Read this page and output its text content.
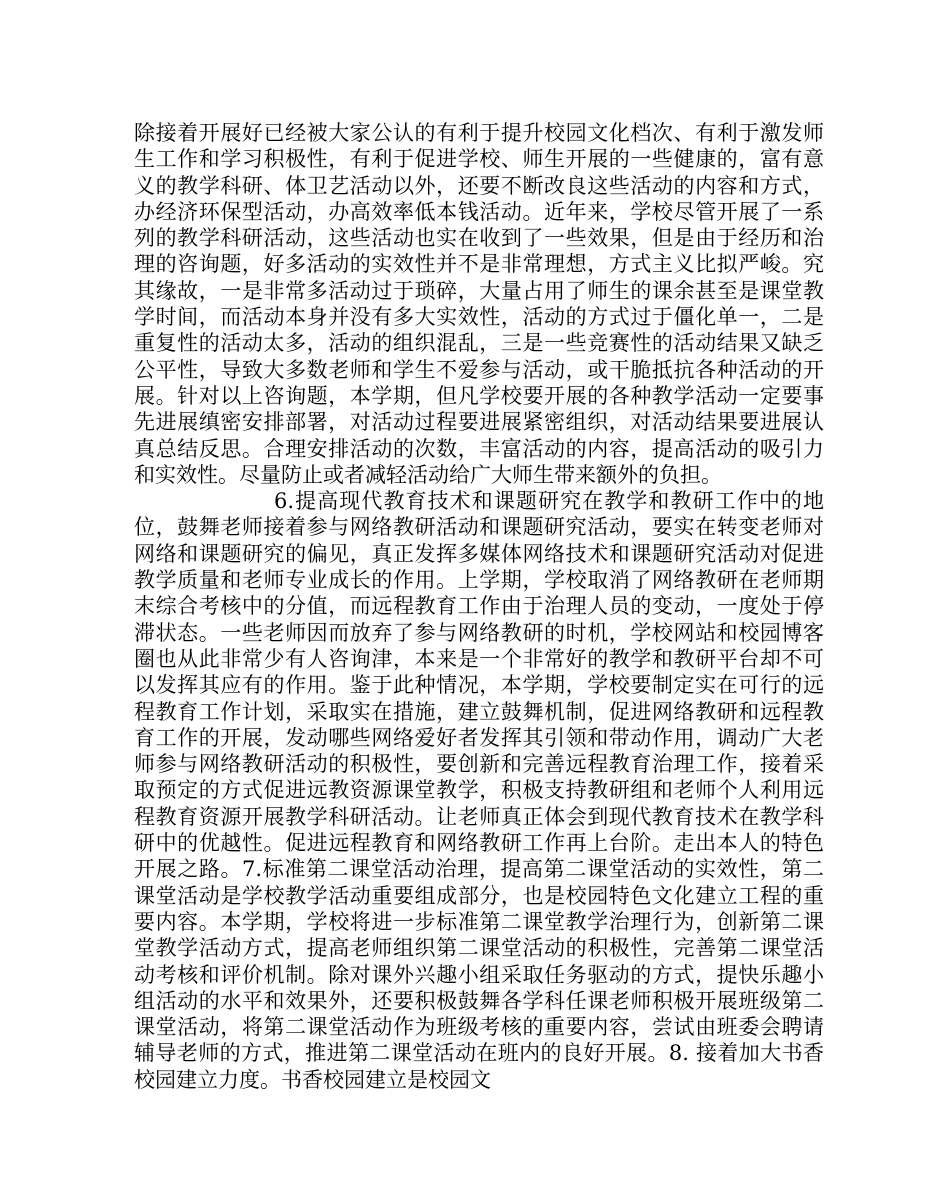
除接着开展好已经被大家公认的有利于提升校园文化档次、有利于激发师生工作和学习积极性，有利于促进学校、师生开展的一些健康的，富有意义的教学科研、体卫艺活动以外，还要不断改良这些活动的内容和方式，办经济环保型活动，办高效率低本钱活动。近年来，学校尽管开展了一系列的教学科研活动，这些活动也实在收到了一些效果，但是由于经历和治理的咨询题，好多活动的实效性并不是非常理想，方式主义比拟严峻。究其缘故，一是非常多活动过于琐碎，大量占用了师生的课余甚至是课堂教学时间，而活动本身并没有多大实效性，活动的方式过于僵化单一，二是重复性的活动太多，活动的组织混乱，三是一些竞赛性的活动结果又缺乏公平性，导致大多数老师和学生不爱参与活动，或干脆抵抗各种活动的开展。针对以上咨询题，本学期，但凡学校要开展的各种教学活动一定要事先进展缜密安排部署，对活动过程要进展紧密组织，对活动结果要进展认真总结反思。合理安排活动的次数，丰富活动的内容，提高活动的吸引力和实效性。尽量防止或者减轻活动给广大师生带来额外的负担。

6.提高现代教育技术和课题研究在教学和教研工作中的地位，鼓舞老师接着参与网络教研活动和课题研究活动，要实在转变老师对网络和课题研究的偏见，真正发挥多媒体网络技术和课题研究活动对促进教学质量和老师专业成长的作用。上学期，学校取消了网络教研在老师期末综合考核中的分值，而远程教育工作由于治理人员的变动，一度处于停滞状态。一些老师因而放弃了参与网络教研的时机，学校网站和校园博客圈也从此非常少有人咨询津，本来是一个非常好的教学和教研平台却不可以发挥其应有的作用。鉴于此种情况，本学期，学校要制定实在可行的远程教育工作计划，采取实在措施，建立鼓舞机制，促进网络教研和远程教育工作的开展，发动哪些网络爱好者发挥其引领和带动作用，调动广大老师参与网络教研活动的积极性，要创新和完善远程教育治理工作，接着采取预定的方式促进远教资源课堂教学，积极支持教研组和老师个人利用远程教育资源开展教学科研活动。让老师真正体会到现代教育技术在教学科研中的优越性。促进远程教育和网络教研工作再上台阶。走出本人的特色开展之路。7.标准第二课堂活动治理，提高第二课堂活动的实效性，第二课堂活动是学校教学活动重要组成部分，也是校园特色文化建立工程的重要内容。本学期，学校将进一步标准第二课堂教学治理行为，创新第二课堂教学活动方式，提高老师组织第二课堂活动的积极性，完善第二课堂活动考核和评价机制。除对课外兴趣小组采取任务驱动的方式，提快乐趣小组活动的水平和效果外，还要积极鼓舞各学科任课老师积极开展班级第二课堂活动，将第二课堂活动作为班级考核的重要内容，尝试由班委会聘请辅导老师的方式，推进第二课堂活动在班内的良好开展。8. 接着加大书香校园建立力度。书香校园建立是校园文
